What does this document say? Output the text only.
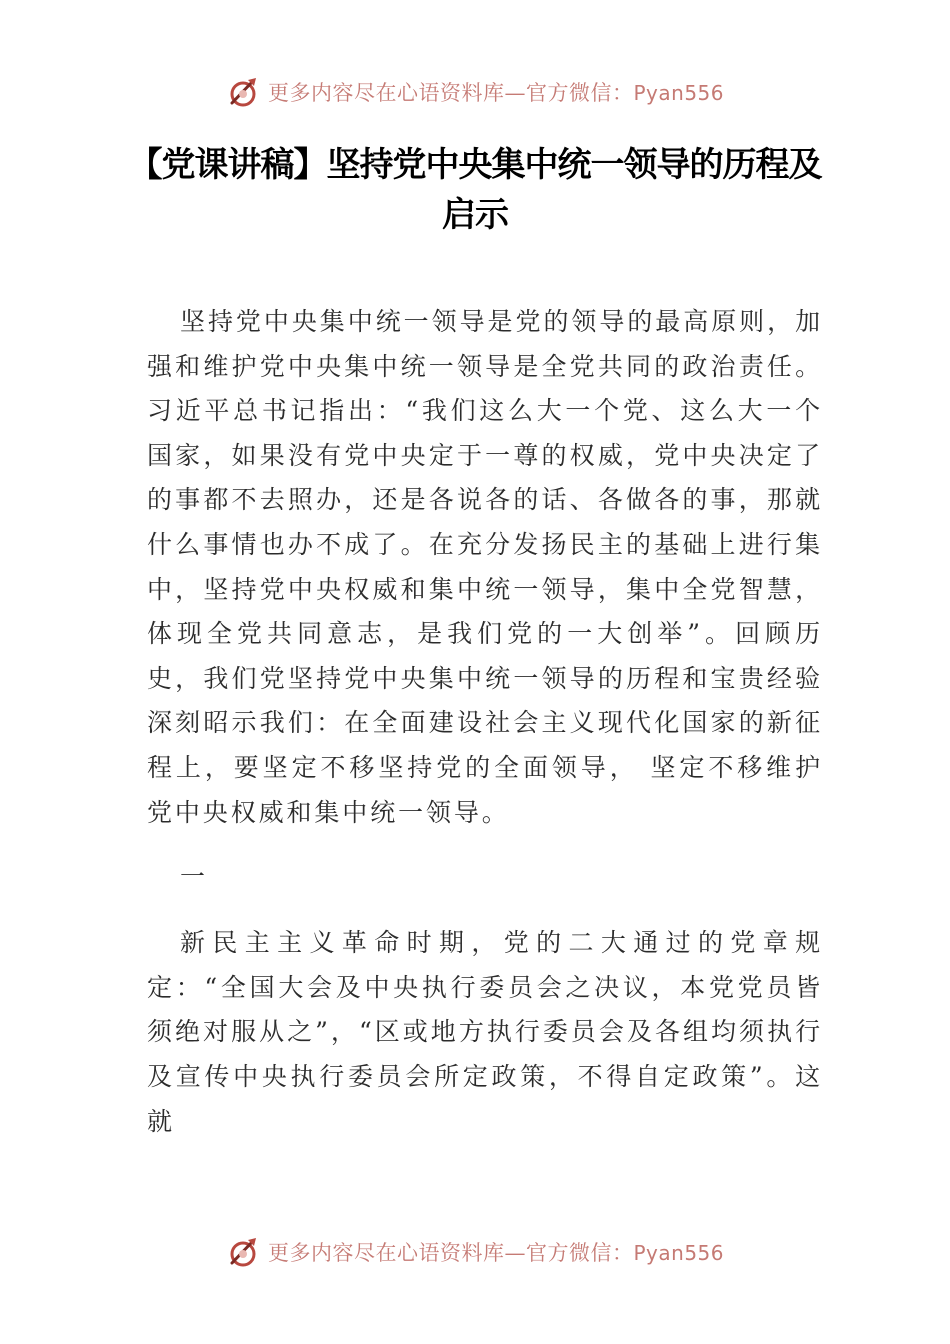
更多内容尽在心语资料库—官方微信：Pyan556
【党课讲稿】坚持党中央集中统一领导的历程及启示

坚持党中央集中统一领导是党的领导的最高原则，加强和维护党中央集中统一领导是全党共同的政治责任。习近平总书记指出：“我们这么大一个党、这么大一个国家，如果没有党中央定于一尊的权威，党中央决定了的事都不去照办，还是各说各的话、各做各的事，那就什么事情也办不成了。在充分发扬民主的基础上进行集中，坚持党中央权威和集中统一领导，集中全党智慧，体现全党共同意志，是我们党的一大创举”。回顾历史，我们党坚持党中央集中统一领导的历程和宝贵经验深刻昭示我们：在全面建设社会主义现代化国家的新征程上，要坚定不移坚持党的全面领导， 坚定不移维护党中央权威和集中统一领导。

一

新民主主义革命时期，党的二大通过的党章规定：“全国大会及中央执行委员会之决议，本党党员皆须绝对服从之”，“区或地方执行委员会及各组均须执行及宣传中央执行委员会所定政策，不得自定政策”。这就

更多内容尽在心语资料库—官方微信：Pyan556
